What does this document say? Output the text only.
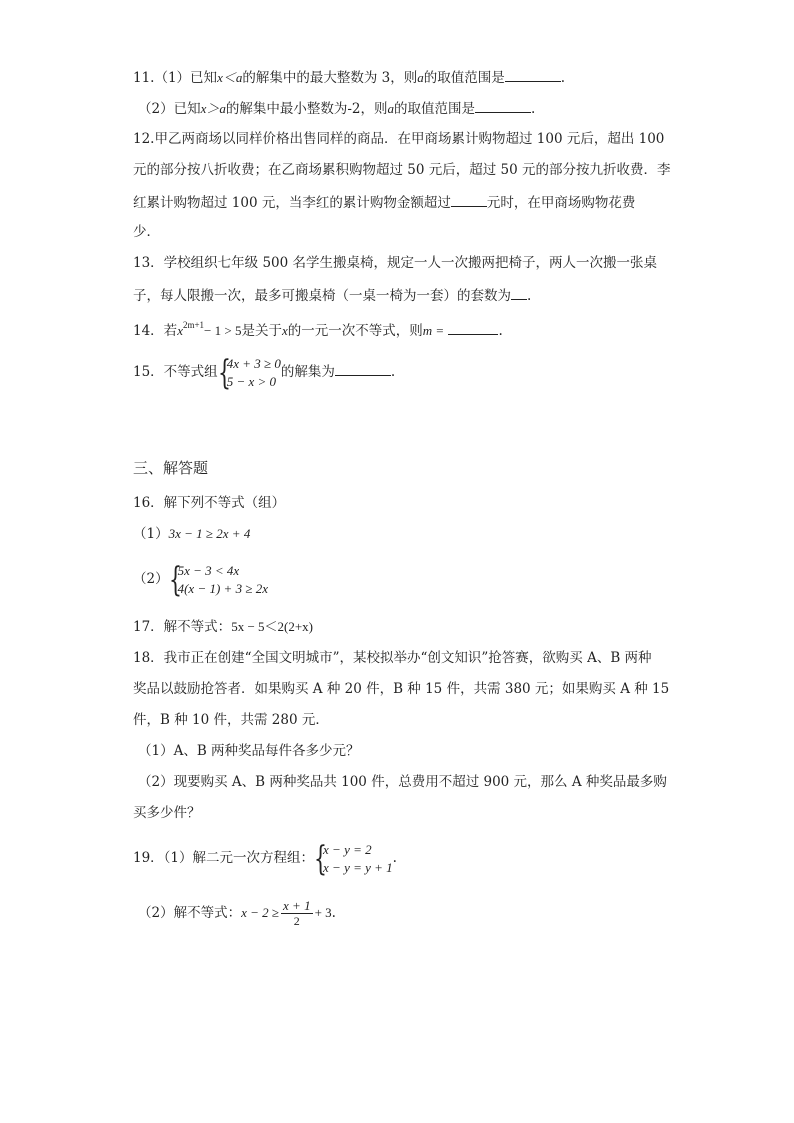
11.（1）已知x＜a的解集中的最大整数为 3，则a的取值范围是	.
（2）已知x＞a的解集中最小整数为-2，则a的取值范围是	.
12.甲乙两商场以同样价格出售同样的商品．在甲商场累计购物超过 100 元后，超出 100
元的部分按八折收费；在乙商场累积购物超过 50 元后，超过 50 元的部分按九折收费．李
红累计购物超过 100 元，当李红的累计购物金额超过	元时，在甲商场购物花费
少．
13．学校组织七年级 500 名学生搬桌椅，规定一人一次搬两把椅子，两人一次搬一张桌
子，每人限搬一次，最多可搬桌椅（一桌一椅为一套）的套数为 .
14．若$x^{2m+1}- 1 > 5$是关于x的一元一次不等式，则m =	.
15．不等式组 {
4x + 3 ≥ 0
5 − x > 0
的解集为	.
三、解答题
16．解下列不等式（组）
（1）3x − 1 ≥ 2x + 4
（2） {
5x − 3 < 4x
4(x − 1) + 3 ≥ 2x
17．解不等式：5x − 5＜2(2+x)
18．我市正在创建“全国文明城市”，某校拟举办“创文知识”抢答赛，欲购买 A、B 两种
奖品以鼓励抢答者．如果购买 A 种 20 件，B 种 15 件，共需 380 元；如果购买 A 种 15
件，B 种 10 件，共需 280 元．
（1）A、B 两种奖品每件各多少元？
（2）现要购买 A、B 两种奖品共 100 件，总费用不超过 900 元，那么 A 种奖品最多购
买多少件？
19．（1）解二元一次方程组： {
x − y = 2
x − y = y + 1
.
（2）解不等式：$x - 2 \ge \frac{x + 1}{2} + 3$.
